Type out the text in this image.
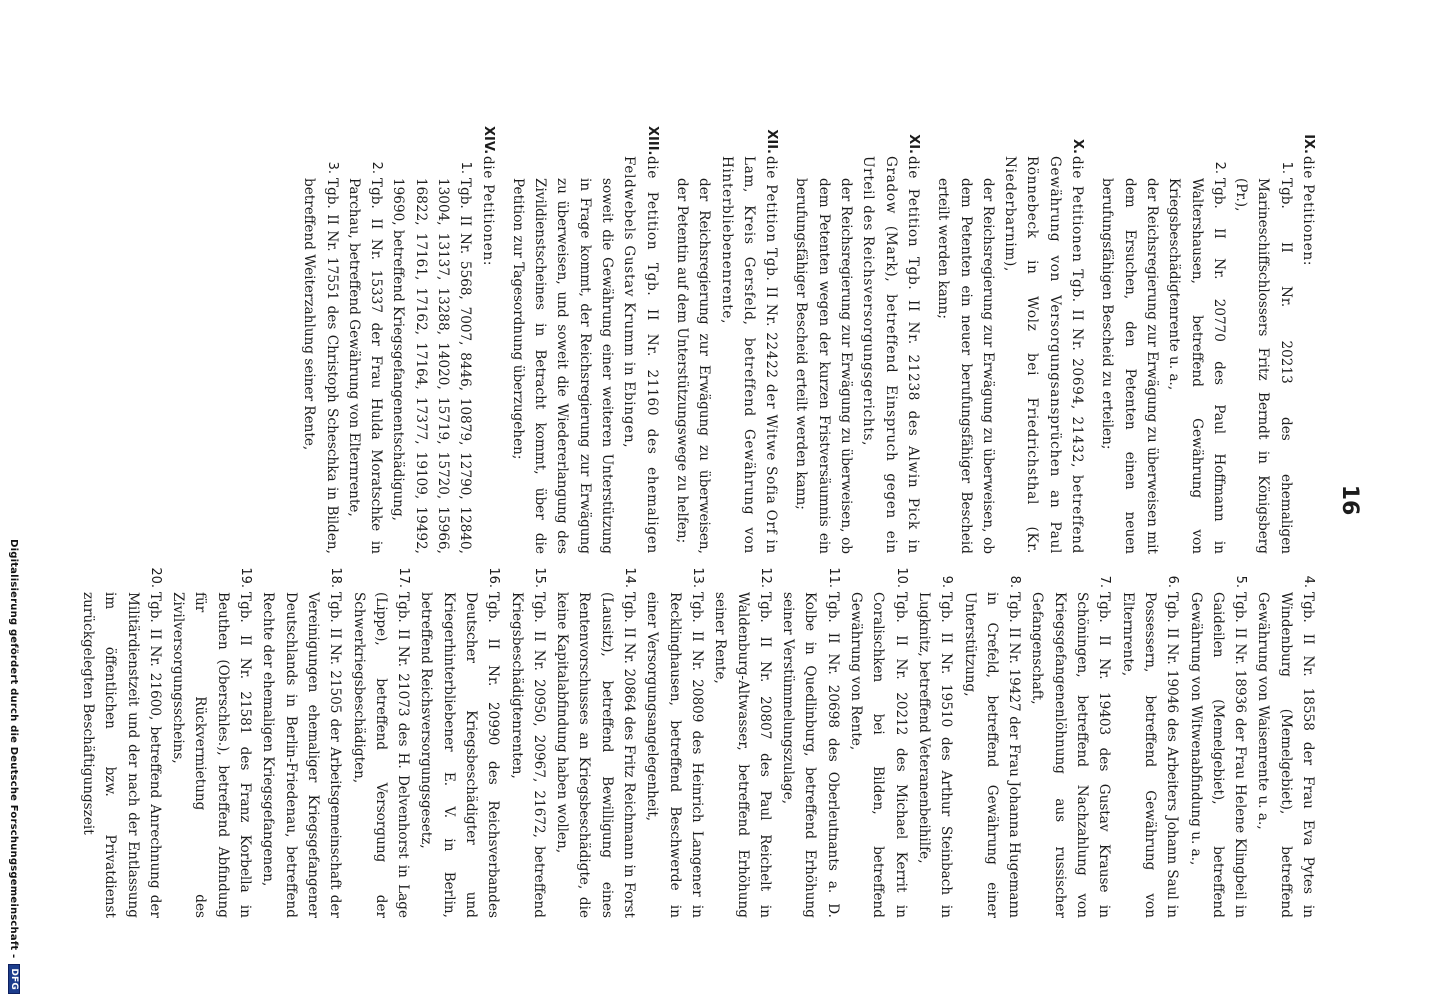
16
IX.
die Petitionen:
1.
Tgb. II Nr. 20213 des ehemaligen Marineschiffschlossers Fritz Berndt in Königsberg (Pr.),
2.
Tgb. II Nr. 20770 des Paul Hoffmann in Waltershausen, betreffend Gewährung von Kriegsbeschädigtenrente u. a.,
der Reichsregierung zur Erwägung zu überweisen mit dem Ersuchen, den Petenten einen neuen berufungsfähigen Bescheid zu erteilen;
X.
die Petitionen Tgb. II Nr. 20694, 21432, betreffend Gewährung von Versorgungsansprüchen an Paul Rönnebeck in Wolz bei Friedrichsthal (Kr. Niederbarnim),
der Reichsregierung zur Erwägung zu überweisen, ob dem Petenten ein neuer berufungsfähiger Bescheid erteilt werden kann;
XI.
die Petition Tgb. II Nr. 21238 des Alwin Pick in Gradow (Mark), betreffend Einspruch gegen ein Urteil des Reichsversorgungsgerichts,
der Reichsregierung zur Erwägung zu überweisen, ob dem Petenten wegen der kurzen Fristversäumnis ein berufungsfähiger Bescheid erteilt werden kann;
XII.
die Petition Tgb. II Nr. 22422 der Witwe Sofia Orf in Lam, Kreis Gersfeld, betreffend Gewährung von Hinterbliebenenrente,
der Reichsregierung zur Erwägung zu überweisen, der Petentin auf dem Unterstützungswege zu helfen;
XIII.
die Petition Tgb. II Nr. 21160 des ehemaligen Feldwebels Gustav Krumm in Ebingen,
soweit die Gewährung einer weiteren Unterstützung in Frage kommt, der Reichsregierung zur Erwägung zu überweisen, und soweit die Wiedererlangung des Zivildienstscheines in Betracht kommt, über die Petition zur Tagesordnung überzugehen;
XIV.
die Petitionen:
1.
Tgb. II Nr. 5568, 7007, 8446, 10879, 12790, 12840, 13004, 13137, 13288, 14020, 15719, 15720, 15966, 16822, 17161, 17162, 17164, 17377, 19109, 19492, 19690, betreffend Kriegsgefangenentschädigung,
2.
Tgb. II Nr. 15337 der Frau Hulda Moratschke in Parchau, betreffend Gewährung von Elternrente,
3.
Tgb. II Nr. 17551 des Christoph Scheschka in Bilden, betreffend Weiterzahlung seiner Rente,
4.
Tgb. II Nr. 18558 der Frau Eva Pytes in Windenburg (Memelgebiet), betreffend Gewährung von Waisenrente u. a.,
5.
Tgb. II Nr. 18936 der Frau Helene Klingbeil in Gaideilen (Memelgebiet), betreffend Gewährung von Witwenabfindung u. a.,
6.
Tgb. II Nr. 19046 des Arbeiters Johann Saul in Possessern, betreffend Gewährung von Elternrente,
7.
Tgb. II Nr. 19403 des Gustav Krause in Schöningen, betreffend Nachzahlung von Kriegsgefangenenlöhnung aus russischer Gefangenschaft,
8.
Tgb. II Nr. 19427 der Frau Johanna Hugemann in Crefeld, betreffend Gewährung einer Unterstützung,
9.
Tgb. II Nr. 19510 des Arthur Steinbach in Lugknitz, betreffend Veteranenbeihilfe,
10.
Tgb. II Nr. 20212 des Michael Kerrit in Coralischken bei Bilden, betreffend Gewährung von Rente,
11.
Tgb. II Nr. 20698 des Oberleutnants a. D. Kolbe in Quedlinburg, betreffend Erhöhung seiner Verstümmelungszulage,
12.
Tgb. II Nr. 20807 des Paul Reichelt in Waldenburg-Altwasser, betreffend Erhöhung seiner Rente,
13.
Tgb. II Nr. 20809 des Heinrich Langener in Recklinghausen, betreffend Beschwerde in einer Versorgungsangelegenheit,
14.
Tgb. II Nr. 20864 des Fritz Reichmann in Forst (Lausitz), betreffend Bewilligung eines Rentenvorschusses an Kriegsbeschädigte, die keine Kapitalabfindung haben wollen,
15.
Tgb. II Nr. 20950, 20967, 21672, betreffend Kriegsbeschädigtenrenten,
16.
Tgb. II Nr. 20990 des Reichsverbandes Deutscher Kriegsbeschädigter und Kriegerhinterbliebener E. V. in Berlin, betreffend Reichsversorgungsgesetz,
17.
Tgb. II Nr. 21073 des H. Delvenhorst in Lage (Lippe), betreffend Versorgung der Schwerkriegsbeschädigten,
18.
Tgb. II Nr. 21505 der Arbeitsgemeinschaft der Vereinigungen ehemaliger Kriegsgefangener Deutschlands in Berlin-Friedenau, betreffend Rechte der ehemaligen Kriegsgefangenen,
19.
Tgb. II Nr. 21581 des Franz Korbella in Beuthen (Oberschles.), betreffend Abfindung für Rückvermietung des Zivilversorgungsscheins,
20.
Tgb. II Nr. 21600, betreffend Anrechnung der Militärdienstzeit und der nach der Entlassung im öffentlichen bzw. Privatdienst zurückgelegten Beschäftigungszeit
Digitalisierung gefördert durch die Deutsche Forschungsgemeinschaft -
DFG
